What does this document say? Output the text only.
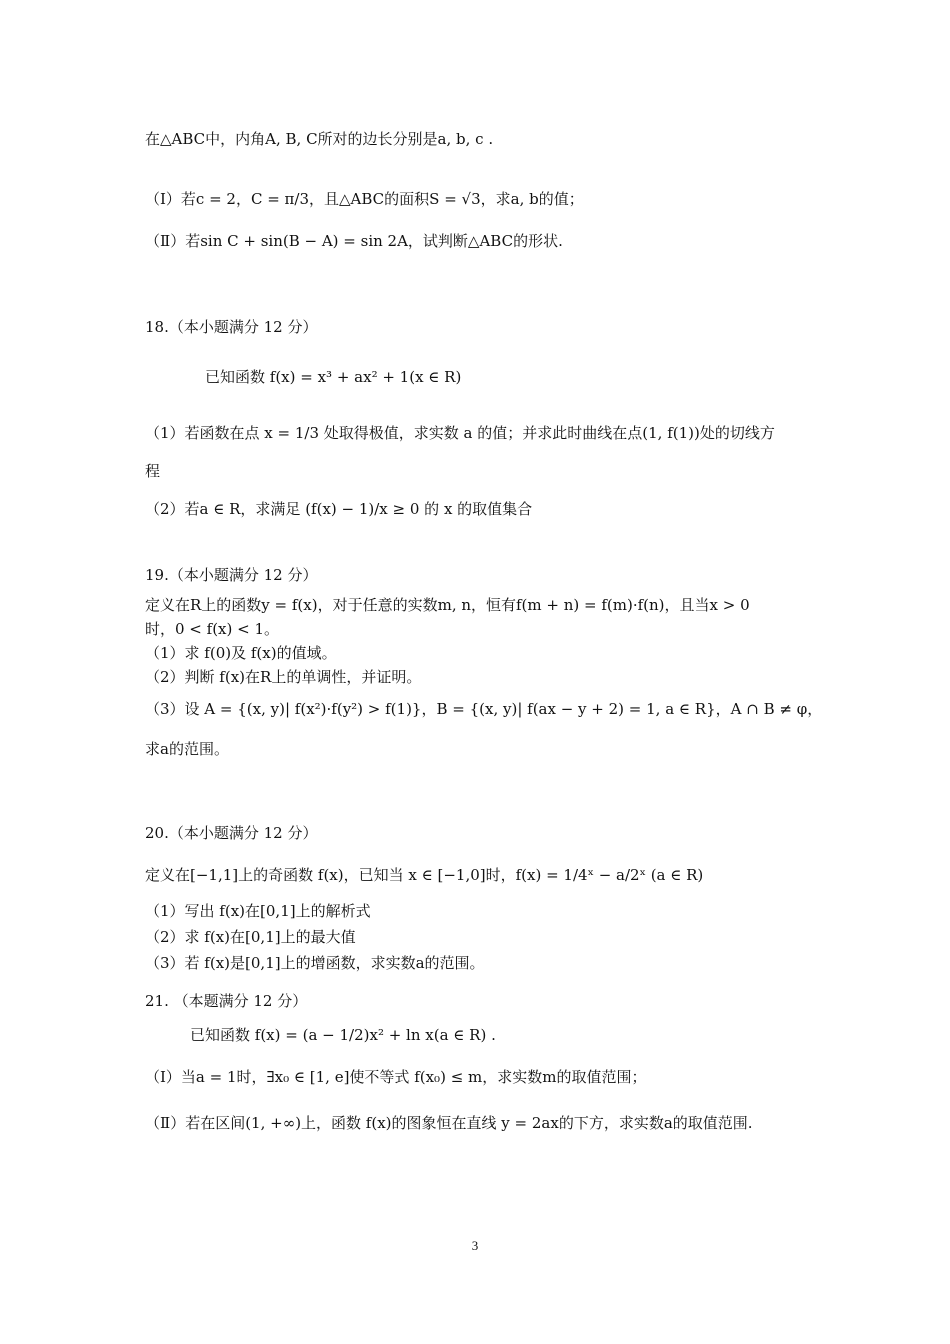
在△ABC中，内角A, B, C所对的边长分别是a, b, c .
（Ⅰ）若c = 2，C = π/3，且△ABC的面积S = √3，求a, b的值；
（Ⅱ）若sin C + sin(B − A) = sin 2A，试判断△ABC的形状.
18.（本小题满分 12 分）
已知函数 f(x) = x³ + ax² + 1(x ∈ R)
（1）若函数在点 x = 1/3 处取得极值，求实数 a 的值；并求此时曲线在点(1, f(1))处的切线方
程
（2）若a ∈ R，求满足 (f(x) − 1)/x ≥ 0 的 x 的取值集合
19.（本小题满分 12 分）
定义在R上的函数y = f(x)，对于任意的实数m, n，恒有f(m + n) = f(m)·f(n)，且当x > 0
时，0 < f(x) < 1。
（1）求 f(0)及 f(x)的值域。
（2）判断 f(x)在R上的单调性，并证明。
（3）设 A = {(x, y)| f(x²)·f(y²) > f(1)}，B = {(x, y)| f(ax − y + 2) = 1, a ∈ R}，A ∩ B ≠ φ，
求a的范围。
20.（本小题满分 12 分）
定义在[−1,1]上的奇函数 f(x)，已知当 x ∈ [−1,0]时，f(x) = 1/4ˣ − a/2ˣ (a ∈ R)
（1）写出 f(x)在[0,1]上的解析式
（2）求 f(x)在[0,1]上的最大值
（3）若 f(x)是[0,1]上的增函数，求实数a的范围。
21. （本题满分 12 分）
已知函数 f(x) = (a − 1/2)x² + ln x(a ∈ R) .
（Ⅰ）当a = 1时，∃x₀ ∈ [1, e]使不等式 f(x₀) ≤ m，求实数m的取值范围；
（Ⅱ）若在区间(1, +∞)上，函数 f(x)的图象恒在直线 y = 2ax的下方，求实数a的取值范围.
3
